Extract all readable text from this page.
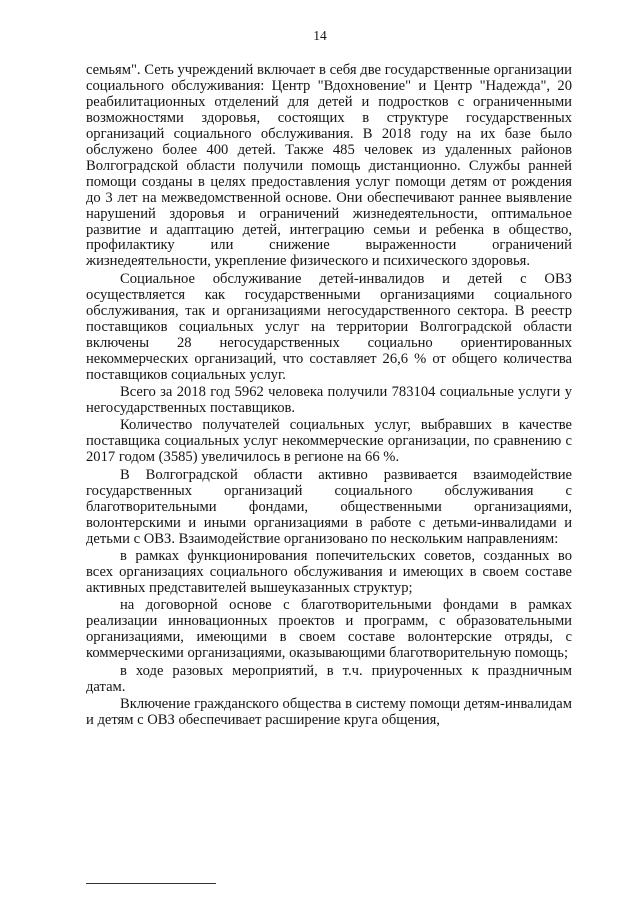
14

семьям". Сеть учреждений включает в себя две государственные организации социального обслуживания: Центр "Вдохновение" и Центр "Надежда", 20 реабилитационных отделений для детей и подростков с ограниченными возможностями здоровья, состоящих в структуре государственных организаций социального обслуживания. В 2018 году на их базе было обслужено более 400 детей. Также 485 человек из удаленных районов Волгоградской области получили помощь дистанционно. Службы ранней помощи созданы в целях предоставления услуг помощи детям от рождения до 3 лет на межведомственной основе. Они обеспечивают раннее выявление нарушений здоровья и ограничений жизнедеятельности, оптимальное развитие и адаптацию детей, интеграцию семьи и ребенка в общество, профилактику или снижение выраженности ограничений жизнедеятельности, укрепление физического и психического здоровья.

Социальное обслуживание детей-инвалидов и детей с ОВЗ осуществляется как государственными организациями социального обслуживания, так и организациями негосударственного сектора. В реестр поставщиков социальных услуг на территории Волгоградской области включены 28 негосударственных социально ориентированных некоммерческих организаций, что составляет 26,6 % от общего количества поставщиков социальных услуг.

Всего за 2018 год 5962 человека получили 783104 социальные услуги у негосударственных поставщиков.

Количество получателей социальных услуг, выбравших в качестве поставщика социальных услуг некоммерческие организации, по сравнению с 2017 годом (3585) увеличилось в регионе на 66 %.

В Волгоградской области активно развивается взаимодействие государственных организаций социального обслуживания с благотворительными фондами, общественными организациями, волонтерскими и иными организациями в работе с детьми-инвалидами и детьми с ОВЗ. Взаимодействие организовано по нескольким направлениям:

в рамках функционирования попечительских советов, созданных во всех организациях социального обслуживания и имеющих в своем составе активных представителей вышеуказанных структур;

на договорной основе с благотворительными фондами в рамках реализации инновационных проектов и программ, с образовательными организациями, имеющими в своем составе волонтерские отряды, с коммерческими организациями, оказывающими благотворительную помощь;

в ходе разовых мероприятий, в т.ч. приуроченных к праздничным датам.

Включение гражданского общества в систему помощи детям-инвалидам и детям с ОВЗ обеспечивает расширение круга общения,
